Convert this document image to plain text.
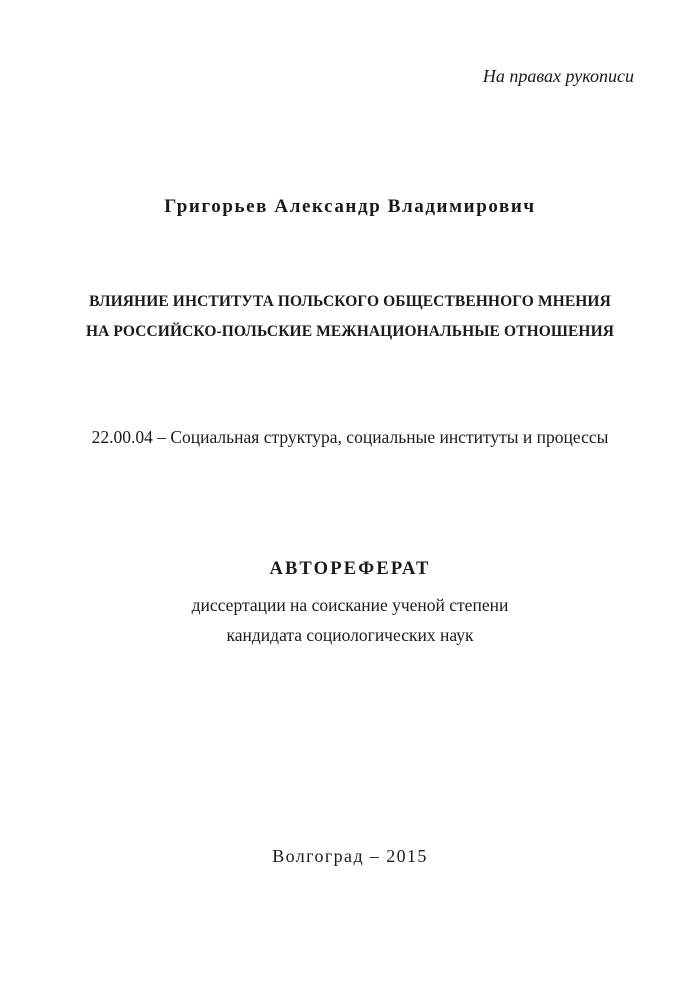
На правах рукописи

Григорьев Александр Владимирович

ВЛИЯНИЕ ИНСТИТУТА ПОЛЬСКОГО ОБЩЕСТВЕННОГО МНЕНИЯ
НА РОССИЙСКО-ПОЛЬСКИЕ МЕЖНАЦИОНАЛЬНЫЕ ОТНОШЕНИЯ

22.00.04 – Социальная структура, социальные институты и процессы

АВТОРЕФЕРАТ
диссертации на соискание ученой степени
кандидата социологических наук

Волгоград – 2015
